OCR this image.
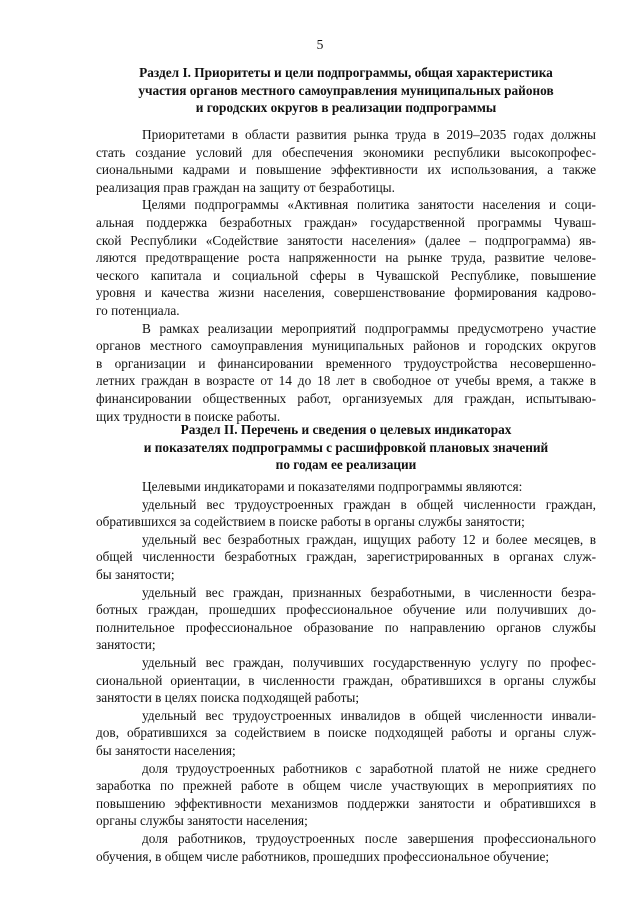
5
Раздел I. Приоритеты и цели подпрограммы, общая характеристика
участия органов местного самоуправления муниципальных районов
и городских округов в реализации подпрограммы

Приоритетами в области развития рынка труда в 2019–2035 годах должны
стать создание условий для обеспечения экономики республики высокопрофес-
сиональными кадрами и повышение эффективности их использования, а также
реализация прав граждан на защиту от безработицы.

Целями подпрограммы «Активная политика занятости населения и соци-
альная поддержка безработных граждан» государственной программы Чуваш-
ской Республики «Содействие занятости населения» (далее – подпрограмма) яв-
ляются предотвращение роста напряженности на рынке труда, развитие челове-
ческого капитала и социальной сферы в Чувашской Республике, повышение
уровня и качества жизни населения, совершенствование формирования кадрово-
го потенциала.

В рамках реализации мероприятий подпрограммы предусмотрено участие
органов местного самоуправления муниципальных районов и городских округов
в организации и финансировании временного трудоустройства несовершенно-
летних граждан в возрасте от 14 до 18 лет в свободное от учебы время, а также в
финансировании общественных работ, организуемых для граждан, испытываю-
щих трудности в поиске работы.

Раздел II. Перечень и сведения о целевых индикаторах
и показателях подпрограммы с расшифровкой плановых значений
по годам ее реализации

Целевыми индикаторами и показателями подпрограммы являются:

удельный вес трудоустроенных граждан в общей численности граждан,
обратившихся за содействием в поиске работы в органы службы занятости;

удельный вес безработных граждан, ищущих работу 12 и более месяцев, в
общей численности безработных граждан, зарегистрированных в органах служ-
бы занятости;

удельный вес граждан, признанных безработными, в численности безра-
ботных граждан, прошедших профессиональное обучение или получивших до-
полнительное профессиональное образование по направлению органов службы
занятости;

удельный вес граждан, получивших государственную услугу по профес-
сиональной ориентации, в численности граждан, обратившихся в органы службы
занятости в целях поиска подходящей работы;

удельный вес трудоустроенных инвалидов в общей численности инвали-
дов, обратившихся за содействием в поиске подходящей работы и органы служ-
бы занятости населения;

доля трудоустроенных работников с заработной платой не ниже среднего
заработка по прежней работе в общем числе участвующих в мероприятиях по
повышению эффективности механизмов поддержки занятости и обратившихся в
органы службы занятости населения;

доля работников, трудоустроенных после завершения профессионального
обучения, в общем числе работников, прошедших профессиональное обучение;
